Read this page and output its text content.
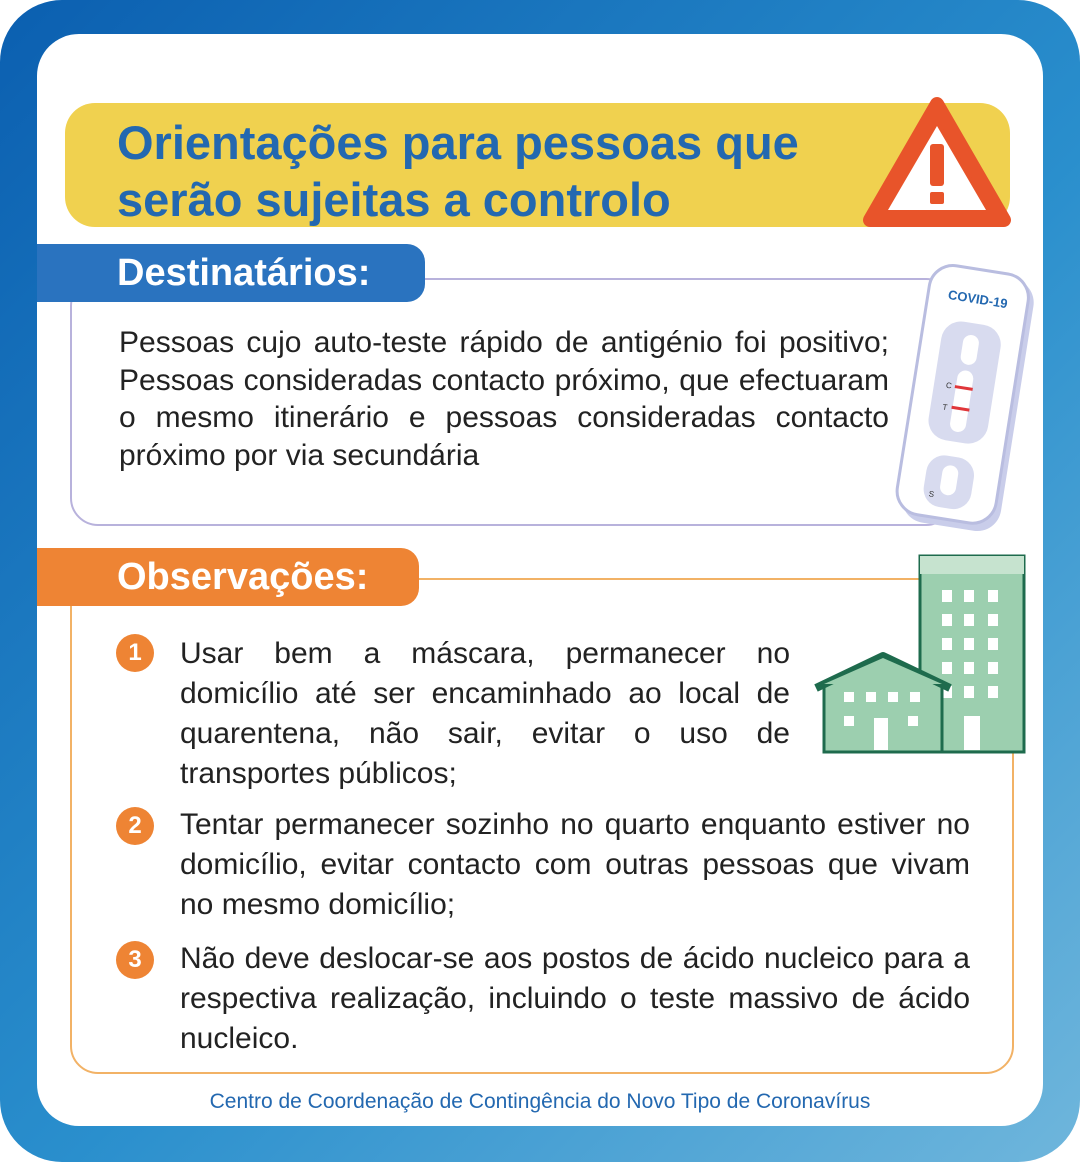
Orientações para pessoas que serão sujeitas a controlo
Destinatários:

Pessoas cujo auto-teste rápido de antigénio foi positivo; Pessoas consideradas contacto próximo, que efectuaram o mesmo itinerário e pessoas consideradas contacto próximo por via secundária

COVID-19
C
T
S
Observações:
1	Usar bem a máscara, permanecer no domicílio até ser encaminhado ao local de quarentena, não sair, evitar o uso de transportes públicos;

2	Tentar permanecer sozinho no quarto enquanto estiver no domicílio, evitar contacto com outras pessoas que vivam no mesmo domicílio;

3	Não deve deslocar-se aos postos de ácido nucleico para a respectiva realização, incluindo o teste massivo de ácido nucleico.

Centro de Coordenação de Contingência do Novo Tipo de Coronavírus
